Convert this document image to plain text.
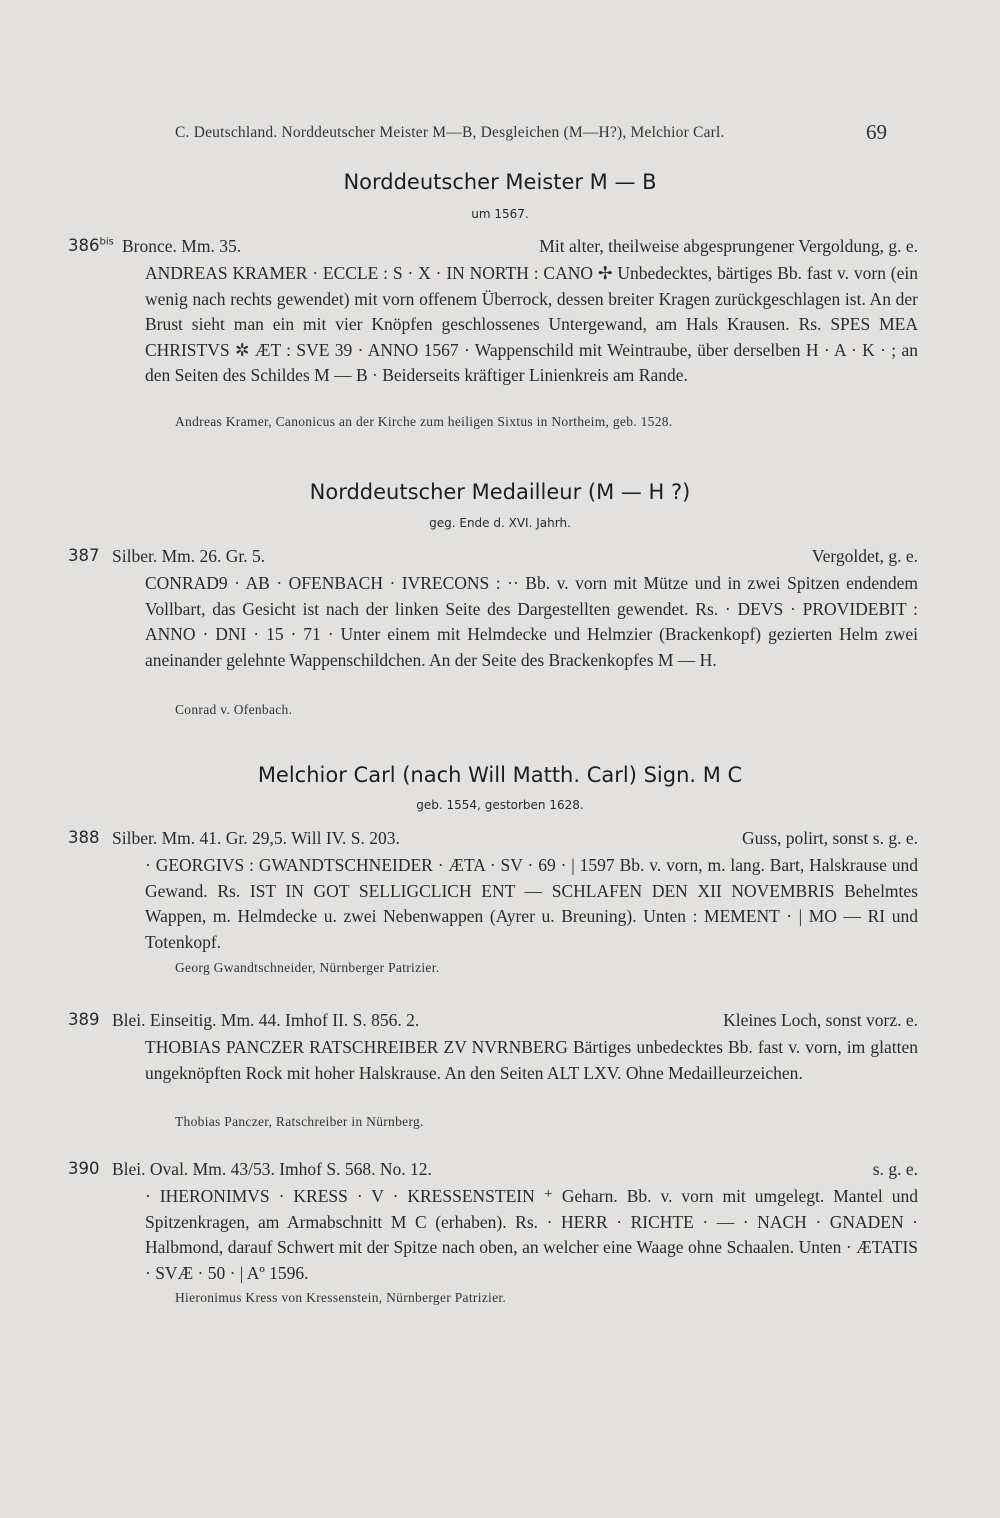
C. Deutschland. Norddeutscher Meister M—B, Desgleichen (M—H?), Melchior Carl.	69
Norddeutscher Meister M — B
um 1567.
$386^{bis}$ Bronce. Mm. 35.	Mit alter, theilweise abgesprungener Vergoldung, g. e.
ANDREAS KRAMER · ECCLE : S · X · IN NORTH : CANO ✢ Unbedecktes, bärtiges Bb. fast v. vorn (ein wenig nach rechts gewendet) mit vorn offenem Überrock, dessen breiter Kragen zurückgeschlagen ist. An der Brust sieht man ein mit vier Knöpfen geschlossenes Untergewand, am Hals Krausen. Rs. SPES MEA CHRISTVS ✲ ÆT : SVE 39 · ANNO 1567 · Wappenschild mit Weintraube, über derselben H · A · K · ; an den Seiten des Schildes M — B · Beiderseits kräftiger Linienkreis am Rande.
Andreas Kramer, Canonicus an der Kirche zum heiligen Sixtus in Northeim, geb. 1528.
Norddeutscher Medailleur (M — H ?)
geg. Ende d. XVI. Jahrh.
387 Silber. Mm. 26. Gr. 5.	Vergoldet, g. e.
CONRAD9 · AB · OFENBACH · IVRECONS : ·· Bb. v. vorn mit Mütze und in zwei Spitzen endendem Vollbart, das Gesicht ist nach der linken Seite des Dargestellten gewendet. Rs. · DEVS · PROVIDEBIT : ANNO · DNI · 15 · 71 · Unter einem mit Helmdecke und Helmzier (Brackenkopf) gezierten Helm zwei aneinander gelehnte Wappenschildchen. An der Seite des Brackenkopfes M — H.
Conrad v. Ofenbach.
Melchior Carl (nach Will Matth. Carl) Sign. M C
geb. 1554, gestorben 1628.
388 Silber. Mm. 41. Gr. 29,5. Will IV. S. 203.	Guss, polirt, sonst s. g. e.
· GEORGIVS : GWANDTSCHNEIDER · ÆTA · SV · 69 · | 1597 Bb. v. vorn, m. lang. Bart, Halskrause und Gewand. Rs. IST IN GOT SELLIGCLICH ENT — SCHLAFEN DEN XII NOVEMBRIS Behelmtes Wappen, m. Helmdecke u. zwei Nebenwappen (Ayrer u. Breuning). Unten : MEMENT · | MO — RI und Totenkopf.
Georg Gwandtschneider, Nürnberger Patrizier.
389 Blei. Einseitig. Mm. 44. Imhof II. S. 856. 2.	Kleines Loch, sonst vorz. e.
THOBIAS PANCZER RATSCHREIBER ZV NVRNBERG Bärtiges unbedecktes Bb. fast v. vorn, im glatten ungeknöpften Rock mit hoher Halskrause. An den Seiten ALT LXV. Ohne Medailleurzeichen.
Thobias Panczer, Ratschreiber in Nürnberg.
390 Blei. Oval. Mm. 43/53. Imhof S. 568. No. 12.	s. g. e.
· IHERONIMVS · KRESS · V · KRESSENSTEIN ⁺ Geharn. Bb. v. vorn mit umgelegt. Mantel und Spitzenkragen, am Armabschnitt M C (erhaben). Rs. · HERR · RICHTE · — · NACH · GNADEN · Halbmond, darauf Schwert mit der Spitze nach oben, an welcher eine Waage ohne Schaalen. Unten · ÆTATIS · SVÆ · 50 · | Aº 1596.
Hieronimus Kress von Kressenstein, Nürnberger Patrizier.
